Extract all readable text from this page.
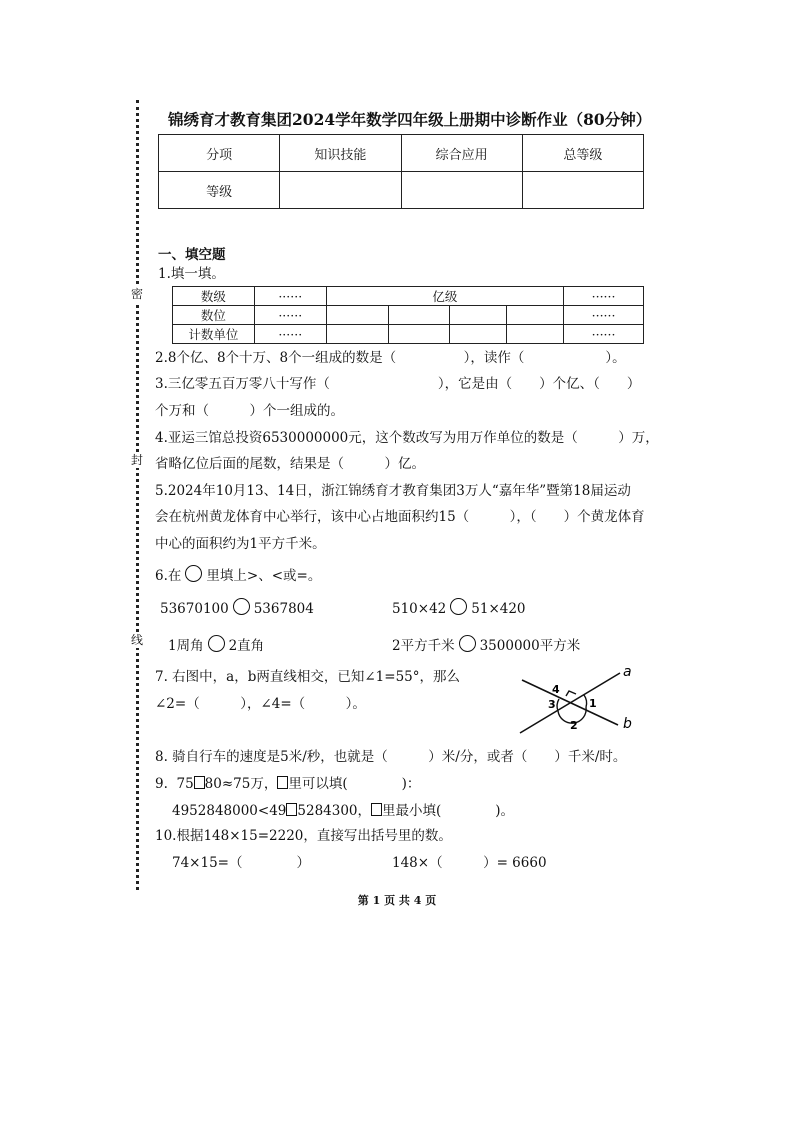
密
封
线
锦绣育才教育集团2024学年数学四年级上册期中诊断作业（80分钟）
分项	知识技能	综合应用	总等级
等级			
一、填空题
1.填一填。
数级	······	亿级				······
数位	······					······
计数单位	······					······
2.8个亿、8个十万、8个一组成的数是（　　　　　），读作（　　　　　　）。
3.三亿零五百万零八十写作（　　　　　　　　），它是由（　　）个亿、（　　）
个万和（　　　）个一组成的。
4.亚运三馆总投资6530000000元，这个数改写为用万作单位的数是（　　　）万，
省略亿位后面的尾数，结果是（　　　）亿。
5.2024年10月13、14日，浙江锦绣育才教育集团3万人“嘉年华”暨第18届运动
会在杭州黄龙体育中心举行，该中心占地面积约15（　　　），（　　）个黄龙体育
中心的面积约为1平方千米。
6.在 里填上>、<或=。
53670100 5367804	510×42 51×420
1周角 2直角	2平方千米 3500000平方米
7. 右图中，a，b两直线相交，已知∠1=55°，那么
∠2=（　　　），∠4=（　　　）。
a
b
1
2
3
4
8. 骑自行车的速度是5米/秒，也就是（　　　）米/分，或者（　　）千米/时。
9. 75 80≈75万， 里可以填(　　　　)：
4952848000<49 5284300， 里最小填(　　　　)。
10.根据148×15=2220，直接写出括号里的数。
74×15=（　　　　）	148×（　　　）= 6660
第 1 页 共 4 页
